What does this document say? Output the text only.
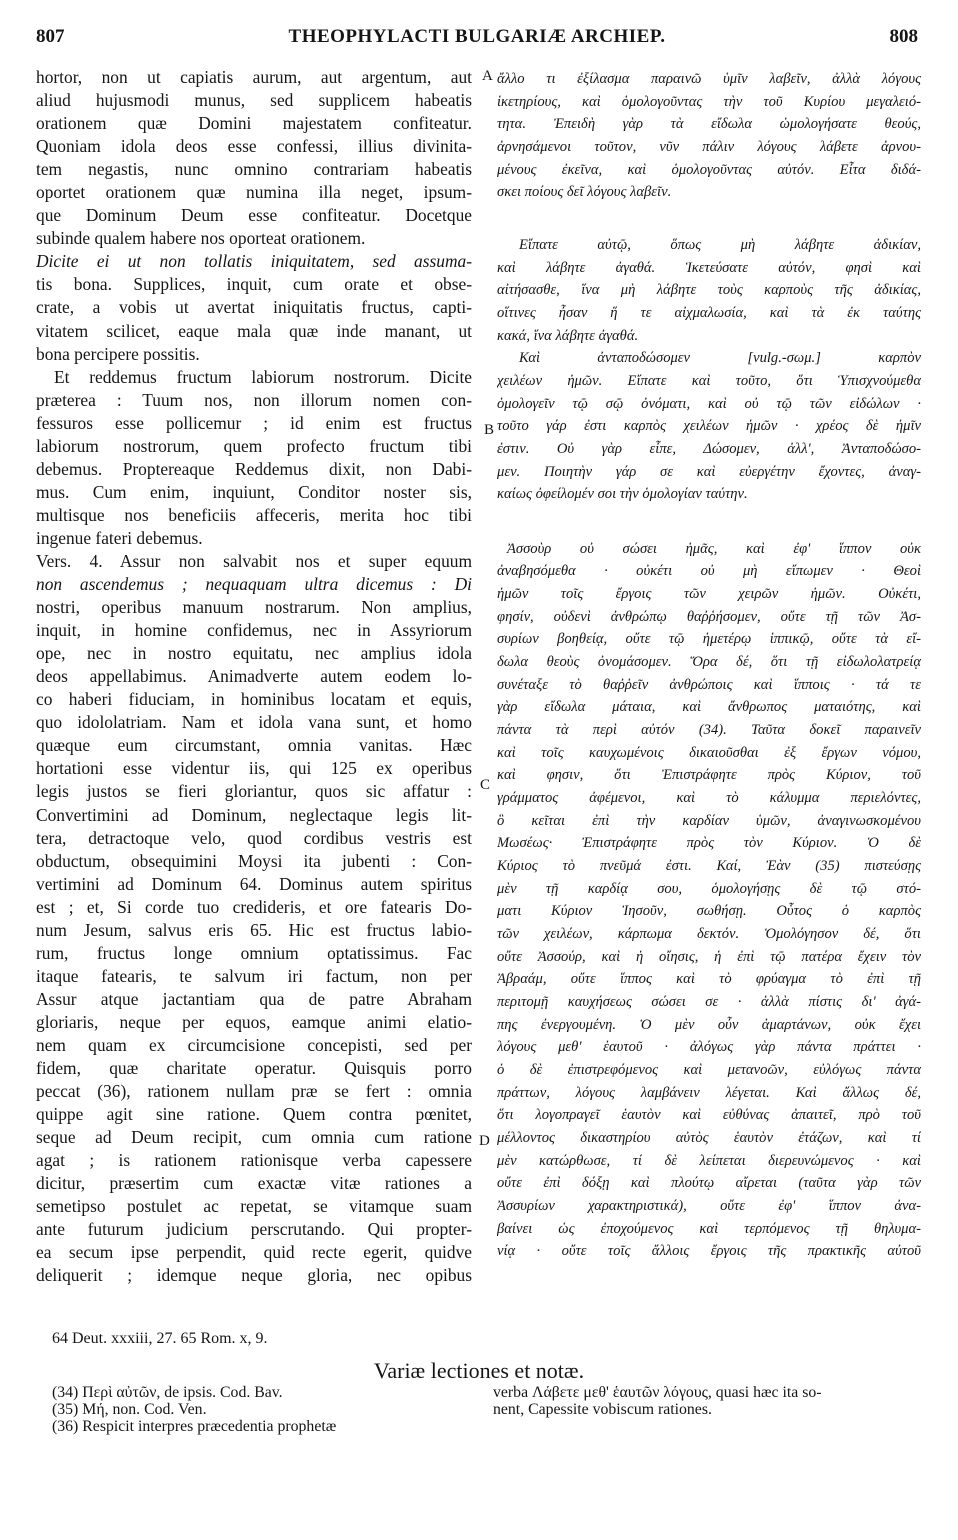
807	THEOPHYLACTI BULGARIÆ ARCHIEP.	808
A
B
C
D
hortor, non ut capiatis aurum, aut argentum, aut
aliud hujusmodi munus, sed supplicem habeatis
orationem quæ Domini majestatem confiteatur.
Quoniam idola deos esse confessi, illius divinita-
tem negastis, nunc omnino contrariam habeatis
oportet orationem quæ numina illa neget, ipsum-
que Dominum Deum esse confiteatur. Docetque
subinde qualem habere nos oporteat orationem.
Dicite ei ut non tollatis iniquitatem, sed assuma-
tis bona. Supplices, inquit, cum orate et obse-
crate, a vobis ut avertat iniquitatis fructus, capti-
vitatem scilicet, eaque mala quæ inde manant, ut
bona percipere possitis.
Et reddemus fructum labiorum nostrorum. Dicite
præterea : Tuum nos, non illorum nomen con-
fessuros esse pollicemur ; id enim est fructus
labiorum nostrorum, quem profecto fructum tibi
debemus. Proptereaque Reddemus dixit, non Dabi-
mus. Cum enim, inquiunt, Conditor noster sis,
multisque nos beneficiis affeceris, merita hoc tibi
ingenue fateri debemus.
Vers. 4. Assur non salvabit nos et super equum
non ascendemus ; nequaquam ultra dicemus : Di
nostri, operibus manuum nostrarum. Non amplius,
inquit, in homine confidemus, nec in Assyriorum
ope, nec in nostro equitatu, nec amplius idola
deos appellabimus. Animadverte autem eodem lo-
co haberi fiduciam, in hominibus locatam et equis,
quo idololatriam. Nam et idola vana sunt, et homo
quæque eum circumstant, omnia vanitas. Hæc
hortationi esse videntur iis, qui 125 ex operibus
legis justos se fieri gloriantur, quos sic affatur :
Convertimini ad Dominum, neglectaque legis lit-
tera, detractoque velo, quod cordibus vestris est
obductum, obsequimini Moysi ita jubenti : Con-
vertimini ad Dominum 64. Dominus autem spiritus
est ; et, Si corde tuo credideris, et ore fatearis Do-
num Jesum, salvus eris 65. Hic est fructus labio-
rum, fructus longe omnium optatissimus. Fac
itaque fatearis, te salvum iri factum, non per
Assur atque jactantiam qua de patre Abraham
gloriaris, neque per equos, eamque animi elatio-
nem quam ex circumcisione concepisti, sed per
fidem, quæ charitate operatur. Quisquis porro
peccat (36), rationem nullam præ se fert : omnia
quippe agit sine ratione. Quem contra pœnitet,
seque ad Deum recipit, cum omnia cum ratione
agat ; is rationem rationisque verba capessere
dicitur, præsertim cum exactæ vitæ rationes a
semetipso postulet ac repetat, se vitamque suam
ante futurum judicium perscrutando. Qui propter-
ea secum ipse perpendit, quid recte egerit, quidve
deliquerit ; idemque neque gloria, nec opibus
ἄλλο τι ἐξίλασμα παραινῶ ὑμῖν λαβεῖν, ἀλλὰ λόγους
ἱκετηρίους, καὶ ὁμολογοῦντας τὴν τοῦ Κυρίου μεγαλειό-
τητα. Ἐπειδὴ γὰρ τὰ εἴδωλα ὡμολογήσατε θεούς,
ἀρνησάμενοι τοῦτον, νῦν πάλιν λόγους λάβετε ἀρνου-
μένους ἐκεῖνα, καὶ ὁμολογοῦντας αὐτόν. Εἶτα διδά-
σκει ποίους δεῖ λόγους λαβεῖν.
Εἴπατε αὐτῷ, ὅπως μὴ λάβητε ἀδικίαν,
καὶ λάβητε ἀγαθά. Ἱκετεύσατε αὐτόν, φησὶ καὶ
αἰτήσασθε, ἵνα μὴ λάβητε τοὺς καρποὺς τῆς ἀδικίας,
οἵτινες ἦσαν ἥ τε αἰχμαλωσία, καὶ τὰ ἐκ ταύτης
κακά, ἵνα λάβητε ἀγαθά.
Καὶ ἀνταποδώσομεν [vulg.-σωμ.] καρπὸν
χειλέων ἡμῶν. Εἴπατε καὶ τοῦτο, ὅτι Ὑπισχνούμεθα
ὁμολογεῖν τῷ σῷ ὀνόματι, καὶ οὐ τῷ τῶν εἰδώλων ·
τοῦτο γάρ ἐστι καρπὸς χειλέων ἡμῶν · χρέος δὲ ἡμῖν
ἐστιν. Οὐ γὰρ εἶπε, Δώσομεν, ἀλλ', Ἀνταποδώσο-
μεν. Ποιητὴν γάρ σε καὶ εὐεργέτην ἔχοντες, ἀναγ-
καίως ὀφείλομέν σοι τὴν ὁμολογίαν ταύτην.
Ἀσσοὺρ οὐ σώσει ἡμᾶς, καὶ ἐφ' ἵππον οὐκ
ἀναβησόμεθα · οὐκέτι οὐ μὴ εἴπωμεν · Θεοὶ
ἡμῶν τοῖς ἔργοις τῶν χειρῶν ἡμῶν. Οὐκέτι,
φησίν, οὐδενὶ ἀνθρώπῳ θαῤῥήσομεν, οὔτε τῇ τῶν Ἀσ-
συρίων βοηθείᾳ, οὔτε τῷ ἡμετέρῳ ἱππικῷ, οὔτε τὰ εἴ-
δωλα θεοὺς ὀνομάσομεν. Ὅρα δέ, ὅτι τῇ εἰδωλολατρείᾳ
συνέταξε τὸ θαῤῥεῖν ἀνθρώποις καὶ ἵπποις · τά τε
γὰρ εἴδωλα μάταια, καὶ ἄνθρωπος ματαιότης, καὶ
πάντα τὰ περὶ αὐτόν (34). Ταῦτα δοκεῖ παραινεῖν
καὶ τοῖς καυχωμένοις δικαιοῦσθαι ἐξ ἔργων νόμου,
καὶ φησιν, ὅτι Ἐπιστράφητε πρὸς Κύριον, τοῦ
γράμματος ἀφέμενοι, καὶ τὸ κάλυμμα περιελόντες,
ὃ κεῖται ἐπὶ τὴν καρδίαν ὑμῶν, ἀναγινωσκομένου
Μωσέως· Ἐπιστράφητε πρὸς τὸν Κύριον. Ὁ δὲ
Κύριος τὸ πνεῦμά ἐστι. Καί, Ἐὰν (35) πιστεύσῃς
μὲν τῇ καρδίᾳ σου, ὁμολογήσῃς δὲ τῷ στό-
ματι Κύριον Ἰησοῦν, σωθήσῃ. Οὗτος ὁ καρπὸς
τῶν χειλέων, κάρπωμα δεκτόν. Ὁμολόγησον δέ, ὅτι
οὔτε Ἀσσούρ, καὶ ἡ οἴησις, ἡ ἐπὶ τῷ πατέρα ἔχειν τὸν
Ἀβραάμ, οὔτε ἵππος καὶ τὸ φρύαγμα τὸ ἐπὶ τῇ
περιτομῇ καυχήσεως σώσει σε · ἀλλὰ πίστις δι' ἀγά-
πης ἐνεργουμένη. Ὁ μὲν οὖν ἁμαρτάνων, οὐκ ἔχει
λόγους μεθ' ἑαυτοῦ · ἀλόγως γὰρ πάντα πράττει ·
ὁ δὲ ἐπιστρεφόμενος καὶ μετανοῶν, εὐλόγως πάντα
πράττων, λόγους λαμβάνειν λέγεται. Καὶ ἄλλως δέ,
ὅτι λογοπραγεῖ ἑαυτὸν καὶ εὐθύνας ἀπαιτεῖ, πρὸ τοῦ
μέλλοντος δικαστηρίου αὐτὸς ἑαυτὸν ἐτάζων, καὶ τί
μὲν κατώρθωσε, τί δὲ λείπεται διερευνώμενος · καὶ
οὔτε ἐπὶ δόξῃ καὶ πλούτῳ αἴρεται (ταῦτα γὰρ τῶν
Ἀσσυρίων χαρακτηριστικά), οὔτε ἐφ' ἵππον ἀνα-
βαίνει ὡς ἐποχούμενος καὶ τερπόμενος τῇ θηλυμα-
νίᾳ · οὔτε τοῖς ἄλλοις ἔργοις τῆς πρακτικῆς αὐτοῦ
64 Deut. xxxiii, 27. 65 Rom. x, 9.
Variæ lectiones et notæ.
(34) Περὶ αὐτῶν, de ipsis. Cod. Bav.
(35) Μή, non. Cod. Ven.
(36) Respicit interpres præcedentia prophetæ
verba Λάβετε μεθ' ἑαυτῶν λόγους, quasi hæc ita so-
nent, Capessite vobiscum rationes.
